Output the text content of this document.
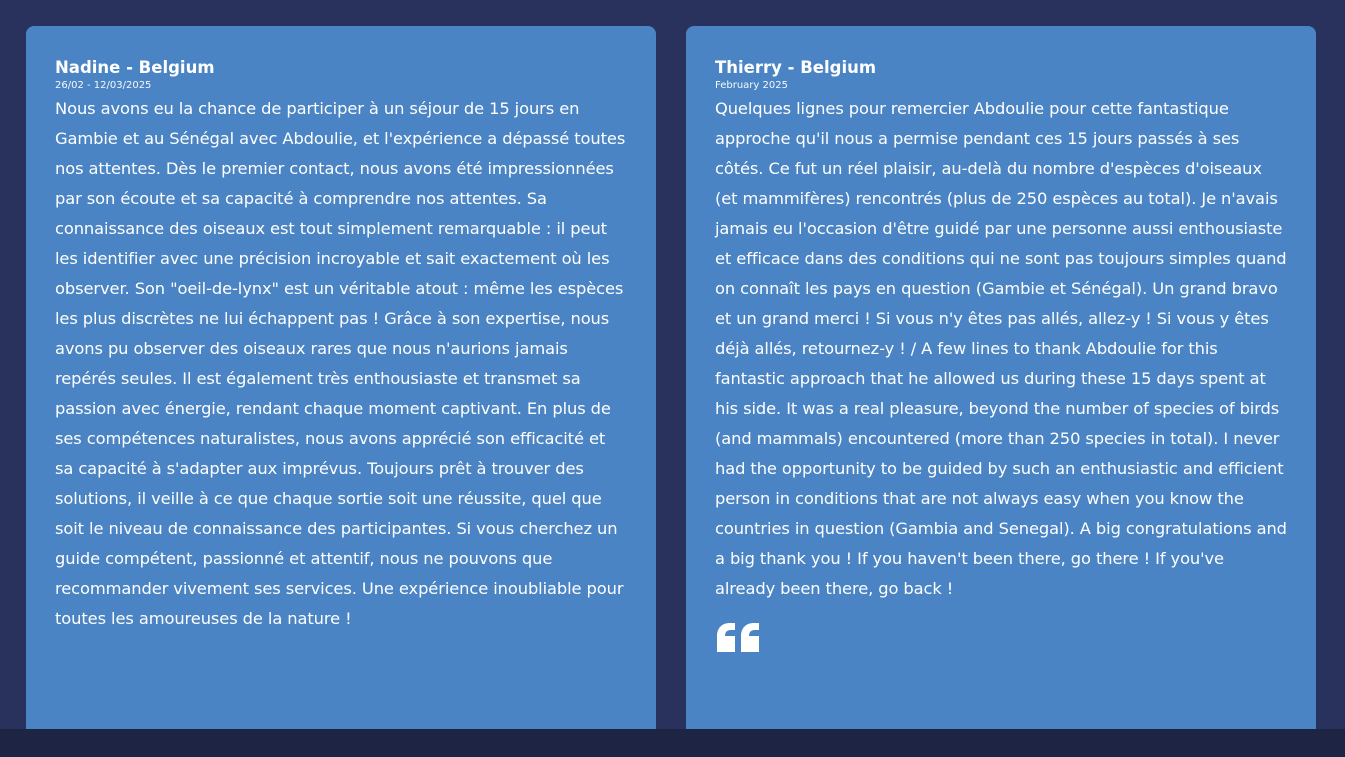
Nadine - Belgium

26/02 - 12/03/2025

Nous avons eu la chance de participer à un séjour de 15 jours en Gambie et au Sénégal avec Abdoulie, et l'expérience a dépassé toutes nos attentes. Dès le premier contact, nous avons été impressionnées par son écoute et sa capacité à comprendre nos attentes. Sa connaissance des oiseaux est tout simplement remarquable : il peut les identifier avec une précision incroyable et sait exactement où les observer. Son "oeil-de-lynx" est un véritable atout : même les espèces les plus discrètes ne lui échappent pas ! Grâce à son expertise, nous avons pu observer des oiseaux rares que nous n'aurions jamais repérés seules. Il est également très enthousiaste et transmet sa passion avec énergie, rendant chaque moment captivant. En plus de ses compétences naturalistes, nous avons apprécié son efficacité et sa capacité à s'adapter aux imprévus. Toujours prêt à trouver des solutions, il veille à ce que chaque sortie soit une réussite, quel que soit le niveau de connaissance des participantes. Si vous cherchez un guide compétent, passionné et attentif, nous ne pouvons que recommander vivement ses services. Une expérience inoubliable pour toutes les amoureuses de la nature !

Thierry - Belgium

February 2025

Quelques lignes pour remercier Abdoulie pour cette fantastique approche qu'il nous a permise pendant ces 15 jours passés à ses côtés. Ce fut un réel plaisir, au-delà du nombre d'espèces d'oiseaux (et mammifères) rencontrés (plus de 250 espèces au total). Je n'avais jamais eu l'occasion d'être guidé par une personne aussi enthousiaste et efficace dans des conditions qui ne sont pas toujours simples quand on connaît les pays en question (Gambie et Sénégal). Un grand bravo et un grand merci ! Si vous n'y êtes pas allés, allez-y ! Si vous y êtes déjà allés, retournez-y ! / A few lines to thank Abdoulie for this fantastic approach that he allowed us during these 15 days spent at his side. It was a real pleasure, beyond the number of species of birds (and mammals) encountered (more than 250 species in total). I never had the opportunity to be guided by such an enthusiastic and efficient person in conditions that are not always easy when you know the countries in question (Gambia and Senegal). A big congratulations and a big thank you ! If you haven't been there, go there ! If you've already been there, go back !
